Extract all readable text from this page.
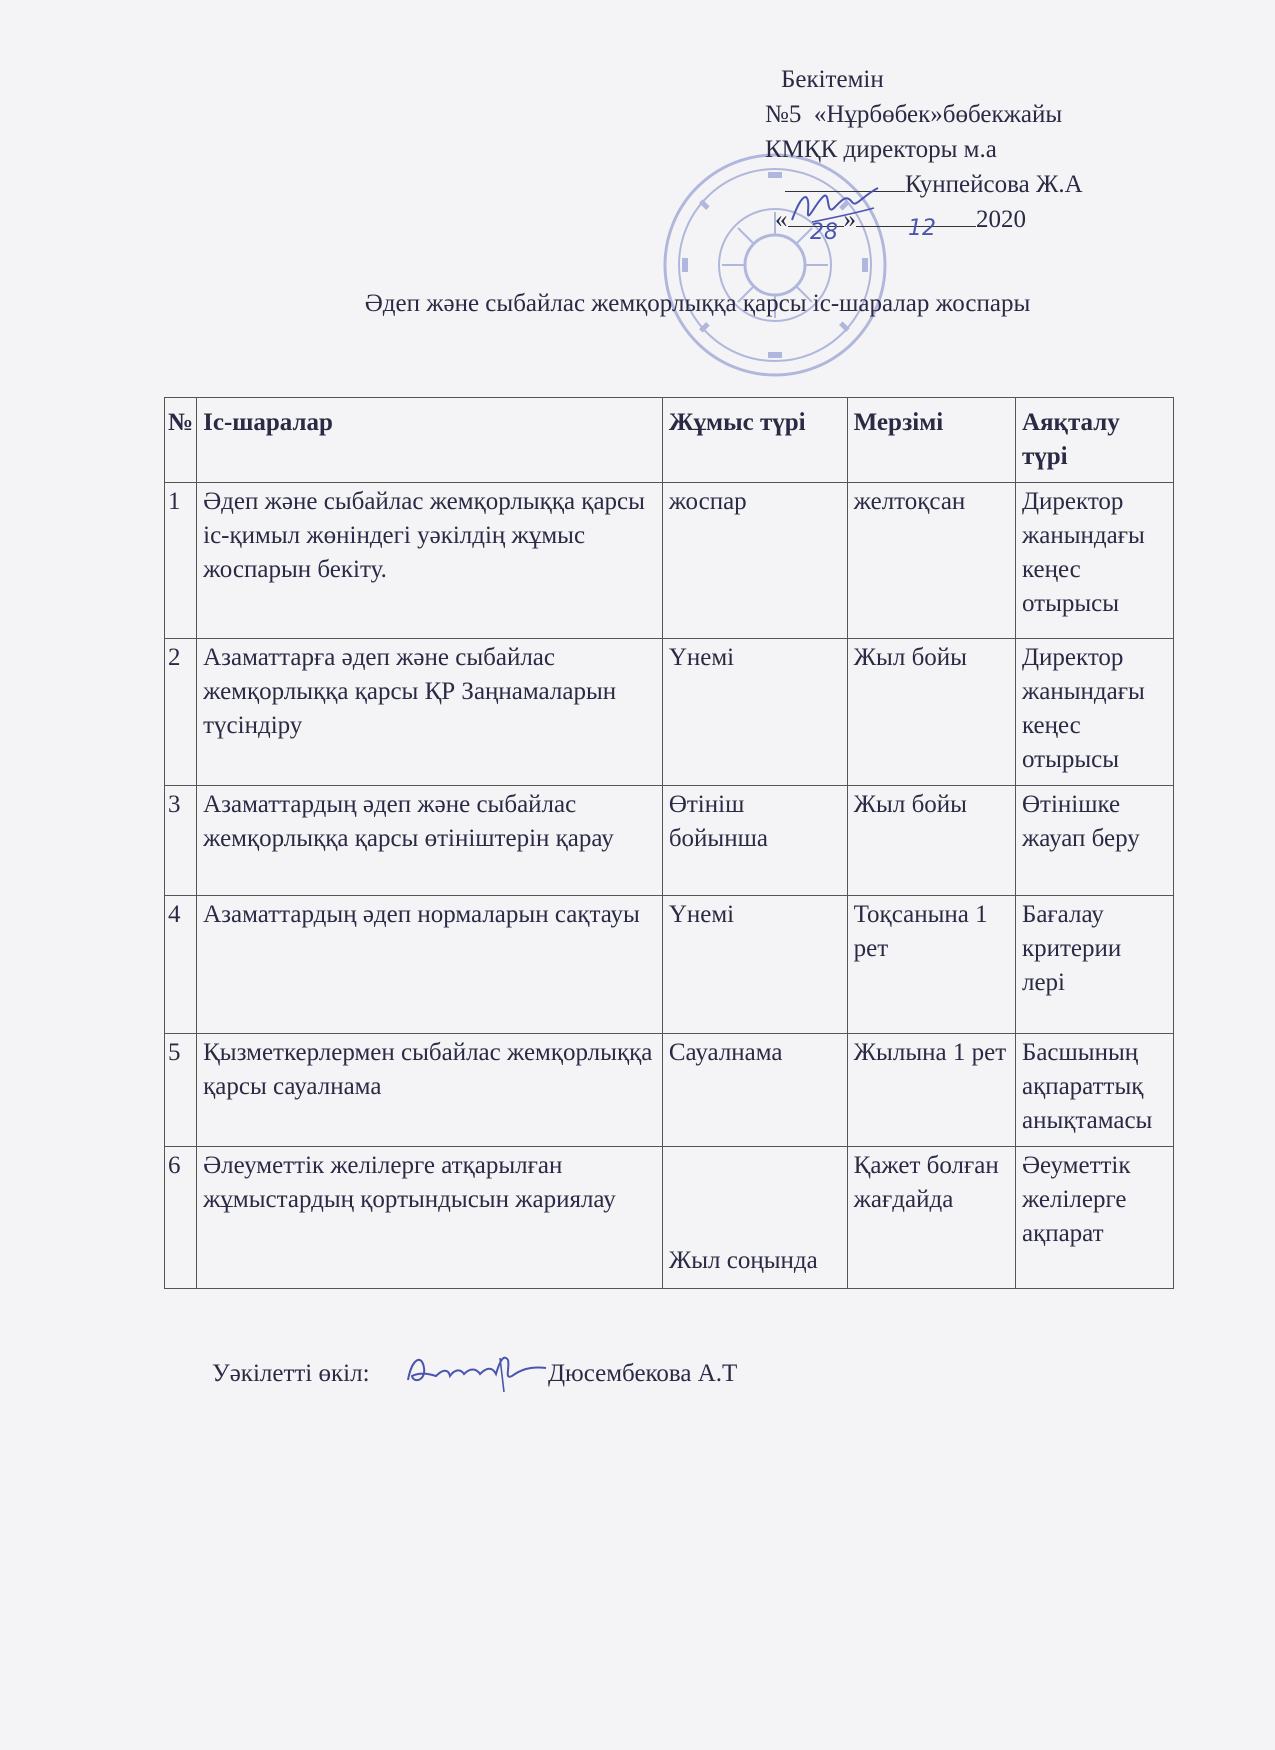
Бекітемін
№5  «Нұрбөбек»бөбекжайы
КМҚК директоры м.а
Кунпейсова Ж.А
« »	2020
28	12
Әдеп және сыбайлас жемқорлыққа қарсы іс-шаралар жоспары
№	Іс-шаралар	Жұмыс түрі	Мерзімі	Аяқталу түрі
1	Әдеп және сыбайлас жемқорлыққа қарсы іс-қимыл жөніндегі уәкілдің жұмыс жоспарын бекіту.	жоспар	желтоқсан	Директор жанындағы кеңес отырысы
2	Азаматтарға әдеп және сыбайлас жемқорлыққа қарсы ҚР Заңнамаларын түсіндіру	Үнемі	Жыл бойы	Директор жанындағы кеңес отырысы
3	Азаматтардың әдеп және сыбайлас жемқорлыққа қарсы өтініштерін қарау	Өтініш бойынша	Жыл бойы	Өтінішке жауап беру
4	Азаматтардың әдеп нормаларын сақтауы	Үнемі	Тоқсанына 1 рет	Бағалау критерии лері
5	Қызметкерлермен сыбайлас жемқорлыққа қарсы сауалнама	Сауалнама	Жылына 1 рет	Басшының ақпараттық анықтамасы
6	Әлеуметтік желілерге атқарылған жұмыстардың қортындысын жариялау	Жыл соңында	Қажет болған жағдайда	Әеуметтік желілерге ақпарат
Уәкілетті өкіл:	Дюсембекова А.Т
